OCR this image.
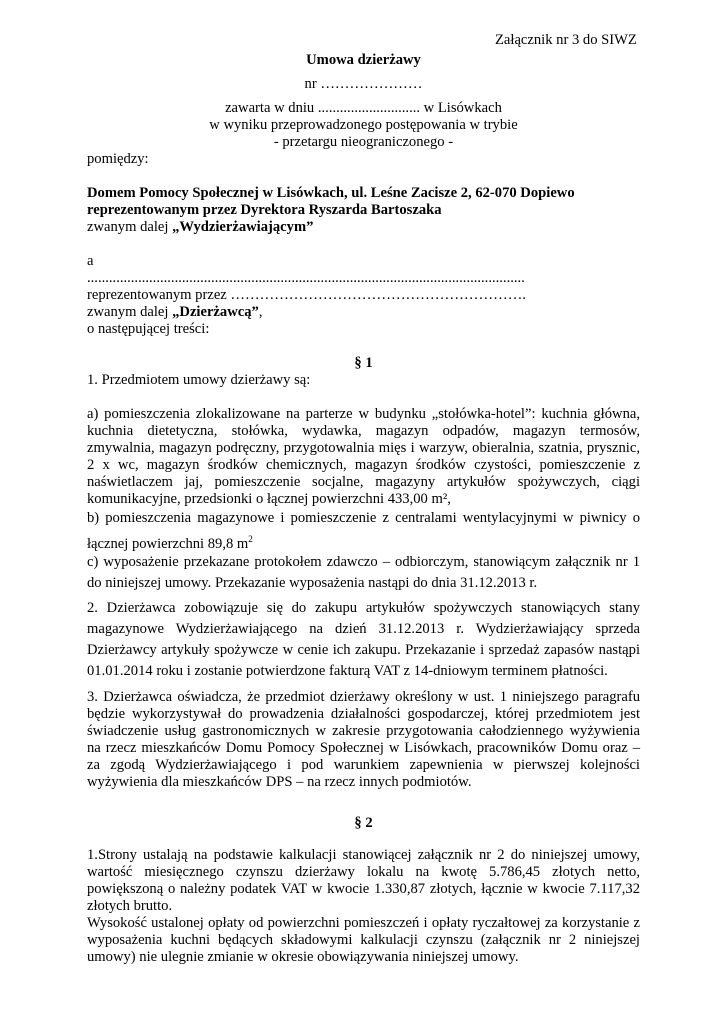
Załącznik nr 3 do SIWZ
Umowa dzierżawy
nr …………………
zawarta w dniu ............................ w Lisówkach
w wyniku przeprowadzonego postępowania w trybie
- przetargu nieograniczonego -
pomiędzy:
Domem Pomocy Społecznej w Lisówkach, ul. Leśne Zacisze 2, 62-070 Dopiewo
reprezentowanym przez Dyrektora Ryszarda Bartoszaka
zwanym dalej „Wydzierżawiającym”
a
........................................................................................................................
reprezentowanym przez …………………………………………………….
zwanym dalej „Dzierżawcą”,
o następującej treści:
§ 1
1. Przedmiotem umowy dzierżawy są:
a) pomieszczenia zlokalizowane na parterze w budynku „stołówka-hotel”: kuchnia główna,
kuchnia dietetyczna, stołówka, wydawka, magazyn odpadów, magazyn termosów,
zmywalnia, magazyn podręczny, przygotowalnia mięs i warzyw, obieralnia, szatnia, prysznic,
2 x wc, magazyn środków chemicznych, magazyn środków czystości, pomieszczenie z
naświetlaczem jaj, pomieszczenie socjalne, magazyny artykułów spożywczych, ciągi
komunikacyjne, przedsionki o łącznej powierzchni 433,00 m²,
b) pomieszczenia magazynowe i pomieszczenie z centralami wentylacyjnymi w piwnicy o
łącznej powierzchni 89,8 $m^2$
c) wyposażenie przekazane protokołem zdawczo – odbiorczym, stanowiącym załącznik nr 1
do niniejszej umowy. Przekazanie wyposażenia nastąpi do dnia 31.12.2013 r.
2. Dzierżawca zobowiązuje się do zakupu artykułów spożywczych stanowiących stany
magazynowe Wydzierżawiającego na dzień 31.12.2013 r. Wydzierżawiający sprzeda
Dzierżawcy artykuły spożywcze w cenie ich zakupu. Przekazanie i sprzedaż zapasów nastąpi
01.01.2014 roku i zostanie potwierdzone fakturą VAT z 14-dniowym terminem płatności.
3. Dzierżawca oświadcza, że przedmiot dzierżawy określony w ust. 1 niniejszego paragrafu
będzie wykorzystywał do prowadzenia działalności gospodarczej, której przedmiotem jest
świadczenie usług gastronomicznych w zakresie przygotowania całodziennego wyżywienia
na rzecz mieszkańców Domu Pomocy Społecznej w Lisówkach, pracowników Domu oraz –
za zgodą Wydzierżawiającego i pod warunkiem zapewnienia w pierwszej kolejności
wyżywienia dla mieszkańców DPS – na rzecz innych podmiotów.
§ 2
1.Strony ustalają na podstawie kalkulacji stanowiącej załącznik nr 2 do niniejszej umowy,
wartość miesięcznego czynszu dzierżawy lokalu na kwotę 5.786,45 złotych netto,
powiększoną o należny podatek VAT w kwocie 1.330,87 złotych, łącznie w kwocie 7.117,32
złotych brutto.
Wysokość ustalonej opłaty od powierzchni pomieszczeń i opłaty ryczałtowej za korzystanie z
wyposażenia kuchni będących składowymi kalkulacji czynszu (załącznik nr 2 niniejszej
umowy) nie ulegnie zmianie w okresie obowiązywania niniejszej umowy.
